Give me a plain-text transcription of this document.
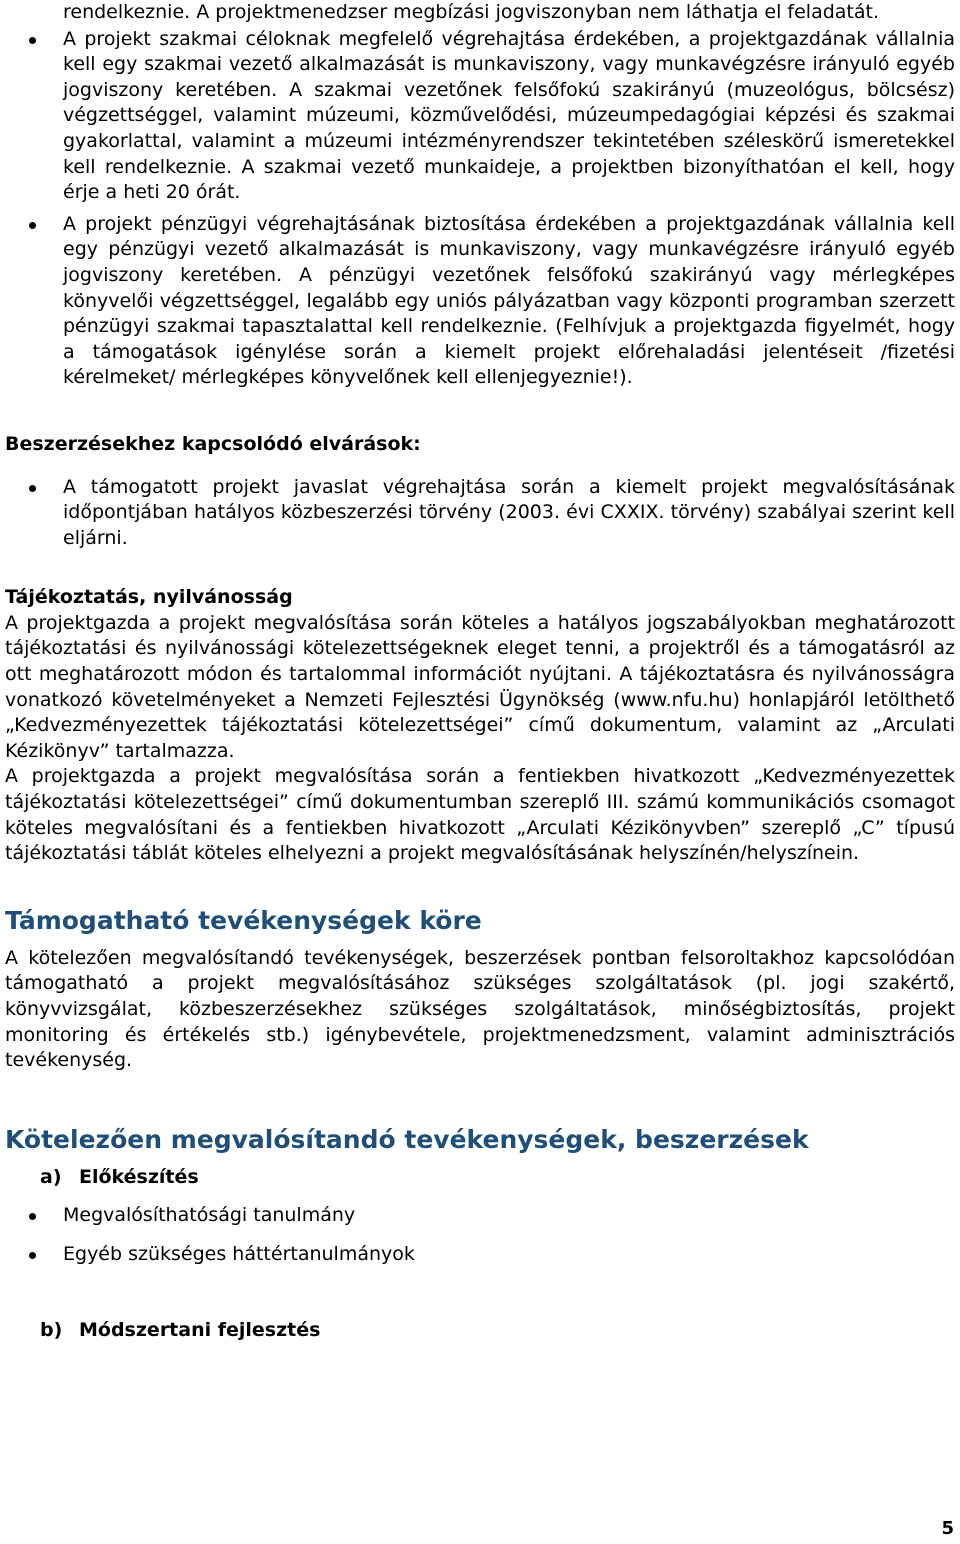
rendelkeznie. A projektmenedzser megbízási jogviszonyban nem láthatja el feladatát.

A projekt szakmai céloknak megfelelő végrehajtása érdekében, a projektgazdának vállalnia kell egy szakmai vezető alkalmazását is munkaviszony, vagy munkavégzésre irányuló egyéb jogviszony keretében. A szakmai vezetőnek felsőfokú szakirányú (muzeológus, bölcsész) végzettséggel, valamint múzeumi, közművelődési, múzeumpedagógiai képzési és szakmai gyakorlattal, valamint a múzeumi intézményrendszer tekintetében széleskörű ismeretekkel kell rendelkeznie. A szakmai vezető munkaideje, a projektben bizonyíthatóan el kell, hogy érje a heti 20 órát.
A projekt pénzügyi végrehajtásának biztosítása érdekében a projektgazdának vállalnia kell egy pénzügyi vezető alkalmazását is munkaviszony, vagy munkavégzésre irányuló egyéb jogviszony keretében. A pénzügyi vezetőnek felsőfokú szakirányú vagy mérlegképes könyvelői végzettséggel, legalább egy uniós pályázatban vagy központi programban szerzett pénzügyi szakmai tapasztalattal kell rendelkeznie. (Felhívjuk a projektgazda figyelmét, hogy a támogatások igénylése során a kiemelt projekt előrehaladási jelentéseit /fizetési kérelmeket/ mérlegképes könyvelőnek kell ellenjegyeznie!).

Beszerzésekhez kapcsolódó elvárások:

A támogatott projekt javaslat végrehajtása során a kiemelt projekt megvalósításának időpontjában hatályos közbeszerzési törvény (2003. évi CXXIX. törvény) szabályai szerint kell eljárni.

Tájékoztatás, nyilvánosság

A projektgazda a projekt megvalósítása során köteles a hatályos jogszabályokban meghatározott tájékoztatási és nyilvánossági kötelezettségeknek eleget tenni, a projektről és a támogatásról az ott meghatározott módon és tartalommal információt nyújtani. A tájékoztatásra és nyilvánosságra vonatkozó követelményeket a Nemzeti Fejlesztési Ügynökség (www.nfu.hu) honlapjáról letölthető „Kedvezményezettek tájékoztatási kötelezettségei” című dokumentum, valamint az „Arculati Kézikönyv” tartalmazza.

A projektgazda a projekt megvalósítása során a fentiekben hivatkozott „Kedvezményezettek tájékoztatási kötelezettségei” című dokumentumban szereplő III. számú kommunikációs csomagot köteles megvalósítani és a fentiekben hivatkozott „Arculati Kézikönyvben” szereplő „C” típusú tájékoztatási táblát köteles elhelyezni a projekt megvalósításának helyszínén/helyszínein.

Támogatható tevékenységek köre

A kötelezően megvalósítandó tevékenységek, beszerzések pontban felsoroltakhoz kapcsolódóan támogatható a projekt megvalósításához szükséges szolgáltatások (pl. jogi szakértő, könyvvizsgálat, közbeszerzésekhez szükséges szolgáltatások, minőségbiztosítás, projekt monitoring és értékelés stb.) igénybevétele, projektmenedzsment, valamint adminisztrációs tevékenység.

Kötelezően megvalósítandó tevékenységek, beszerzések

a) Előkészítés

Megvalósíthatósági tanulmány
Egyéb szükséges háttértanulmányok

b) Módszertani fejlesztés

5
